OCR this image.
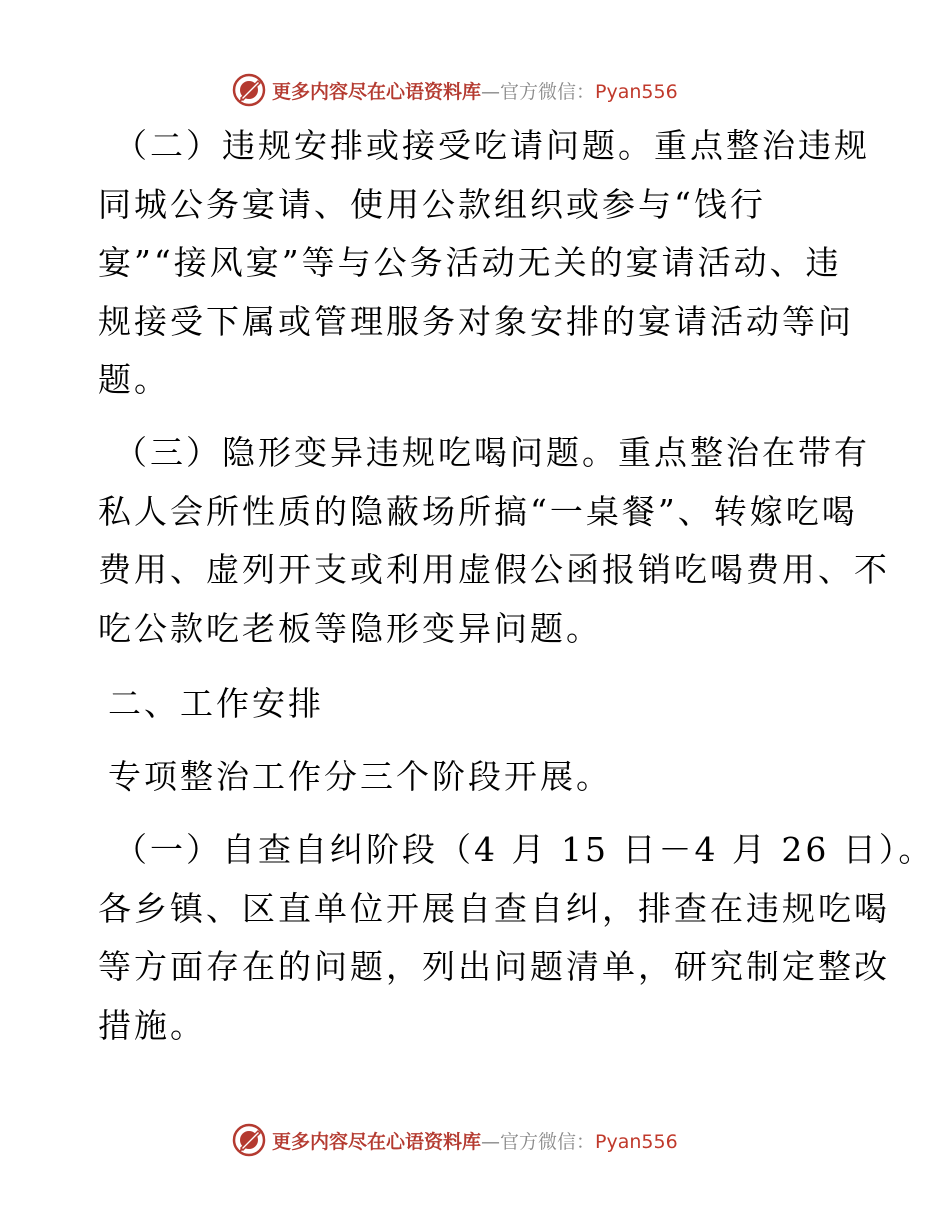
更多内容尽在心语资料库—官方微信：Pyan556

（二）违规安排或接受吃请问题。重点整治违规
同城公务宴请、使用公款组织或参与“饯行
宴”“接风宴”等与公务活动无关的宴请活动、违
规接受下属或管理服务对象安排的宴请活动等问
题。

（三）隐形变异违规吃喝问题。重点整治在带有
私人会所性质的隐蔽场所搞“一桌餐”、转嫁吃喝
费用、虚列开支或利用虚假公函报销吃喝费用、不
吃公款吃老板等隐形变异问题。

二、工作安排

专项整治工作分三个阶段开展。

（一）自查自纠阶段（4 月 15 日－4 月 26 日）。
各乡镇、区直单位开展自查自纠，排查在违规吃喝
等方面存在的问题，列出问题清单，研究制定整改
措施。

更多内容尽在心语资料库—官方微信：Pyan556
